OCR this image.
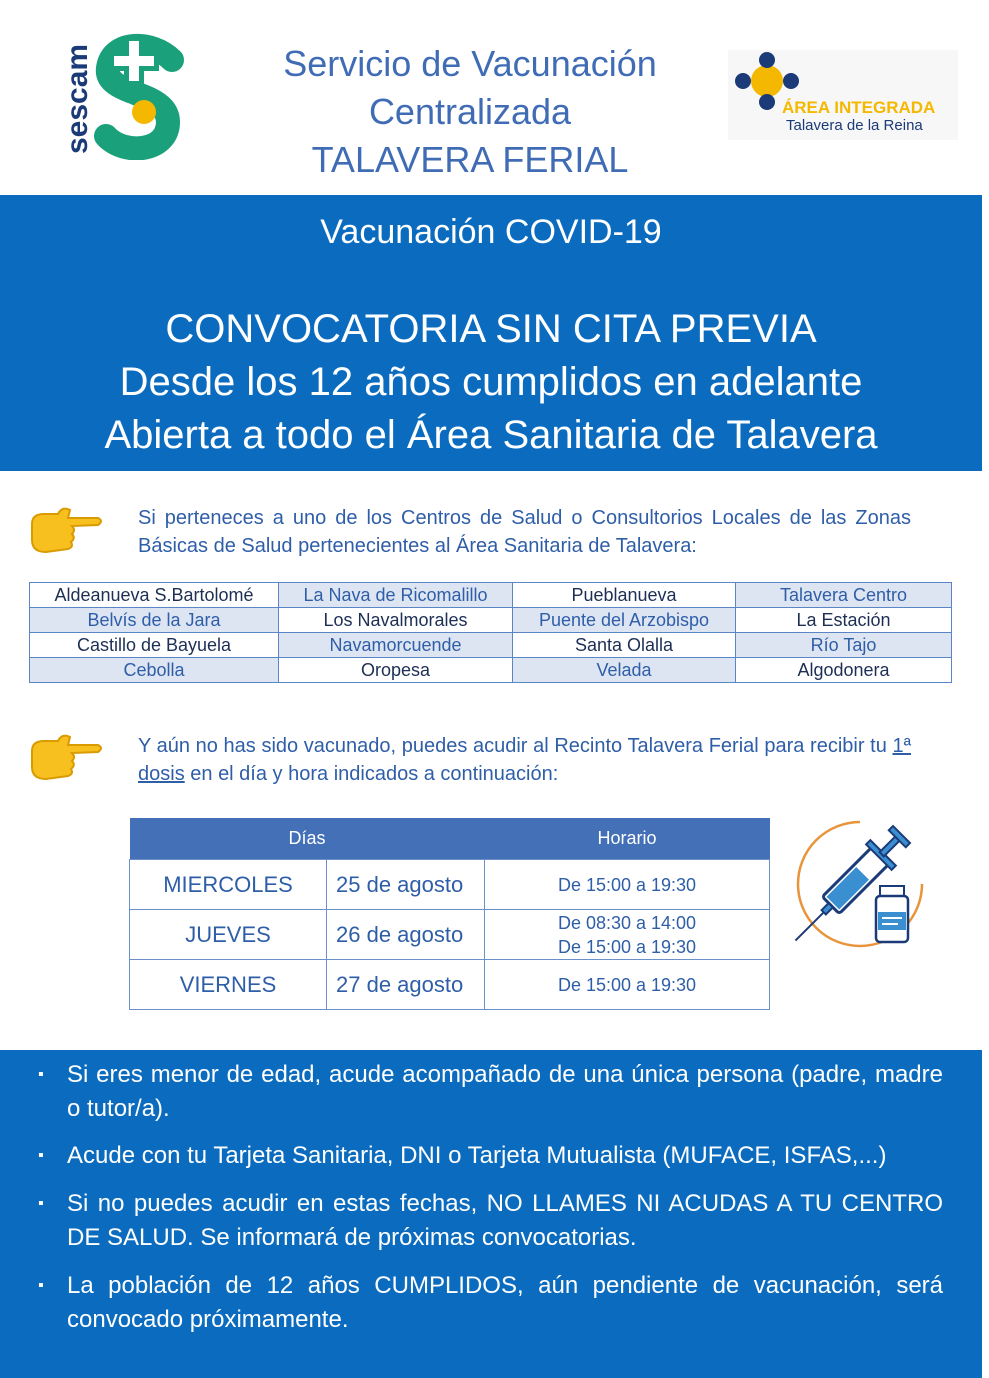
sescam	Servicio de Vacunación
Centralizada
TALAVERA FERIAL
ÁREA INTEGRADA
Talavera de la Reina
Vacunación COVID-19
CONVOCATORIA SIN CITA PREVIA
Desde los 12 años cumplidos en adelante
Abierta a todo el Área Sanitaria de Talavera
Si perteneces a uno de los Centros de Salud o Consultorios Locales de las Zonas Básicas de Salud pertenecientes al Área Sanitaria de Talavera:
Aldeanueva S.Bartolomé	La Nava de Ricomalillo	Pueblanueva	Talavera Centro
Belvís de la Jara	Los Navalmorales	Puente del Arzobispo	La Estación
Castillo de Bayuela	Navamorcuende	Santa Olalla	Río Tajo
Cebolla	Oropesa	Velada	Algodonera
Y aún no has sido vacunado, puedes acudir al Recinto Talavera Ferial para recibir tu 1ª dosis en el día y hora indicados a continuación:
Días		Horario
MIERCOLES	25 de agosto	De 15:00 a 19:30

JUEVES	26 de agosto	De 08:30 a 14:00
De 15:00 a 19:30

VIERNES	27 de agosto	De 15:00 a 19:30
▪ Si eres menor de edad, acude acompañado de una única persona (padre, madre o tutor/a).
▪ Acude con tu Tarjeta Sanitaria, DNI o Tarjeta Mutualista (MUFACE, ISFAS,...)
▪ Si no puedes acudir en estas fechas, NO LLAMES NI ACUDAS A TU CENTRO DE SALUD. Se informará de próximas convocatorias.
▪ La población de 12 años CUMPLIDOS, aún pendiente de vacunación, será convocado próximamente.
